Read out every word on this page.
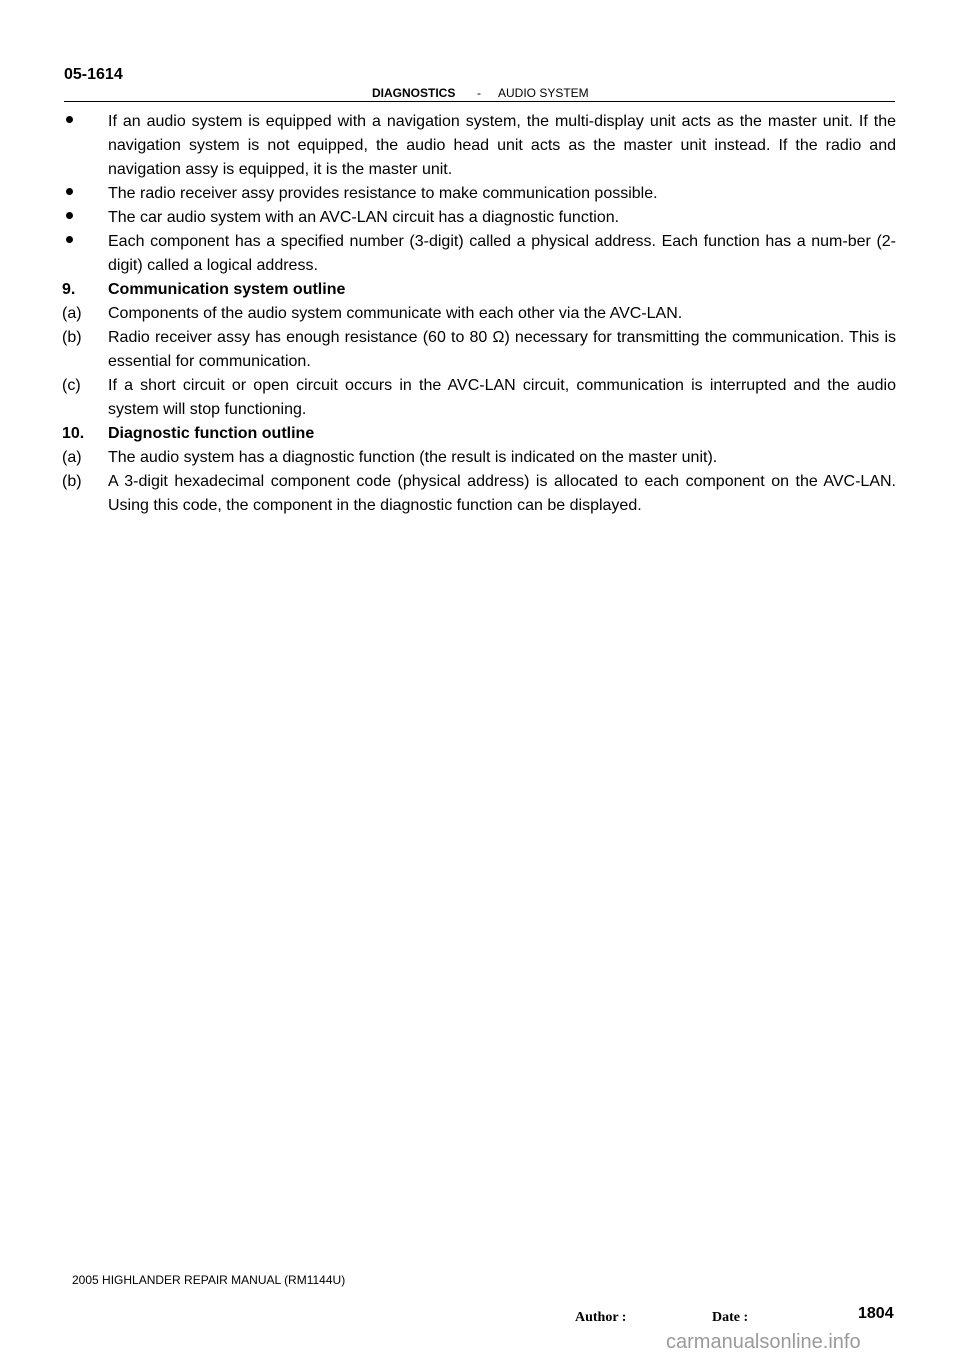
05-1614
DIAGNOSTICS - AUDIO SYSTEM
If an audio system is equipped with a navigation system, the multi-display unit acts as the master unit. If the navigation system is not equipped, the audio head unit acts as the master unit instead. If the radio and navigation assy is equipped, it is the master unit.
The radio receiver assy provides resistance to make communication possible.
The car audio system with an AVC-LAN circuit has a diagnostic function.
Each component has a specified number (3-digit) called a physical address. Each function has a num-ber (2-digit) called a logical address.
9.	Communication system outline
(a)	Components of the audio system communicate with each other via the AVC-LAN.
(b)	Radio receiver assy has enough resistance (60 to 80 Ω) necessary for transmitting the communication. This is essential for communication.
(c)	If a short circuit or open circuit occurs in the AVC-LAN circuit, communication is interrupted and the audio system will stop functioning.
10.	Diagnostic function outline
(a)	The audio system has a diagnostic function (the result is indicated on the master unit).
(b)	A 3-digit hexadecimal component code (physical address) is allocated to each component on the AVC-LAN. Using this code, the component in the diagnostic function can be displayed.
2005 HIGHLANDER REPAIR MANUAL (RM1144U)
Author :	Date :	1804
carmanualsonline.info
